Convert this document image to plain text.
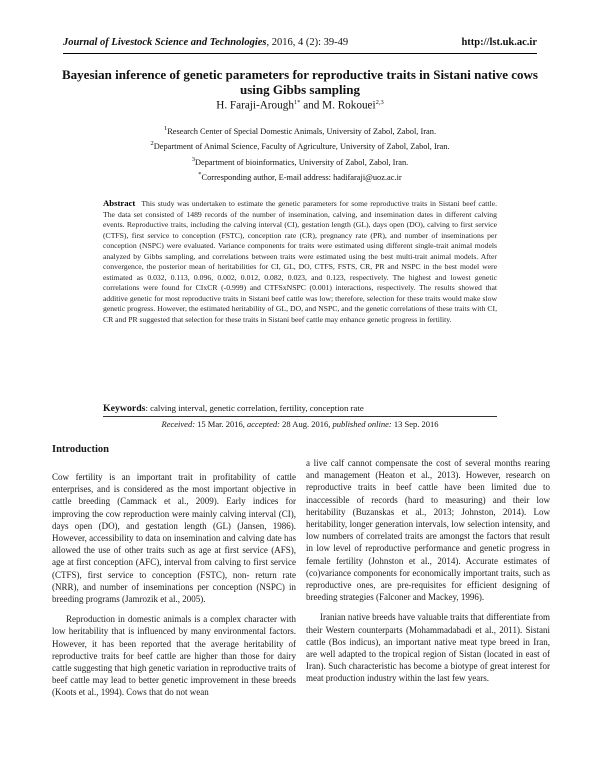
Journal of Livestock Science and Technologies, 2016, 4 (2): 39-49	http://lst.uk.ac.ir
Bayesian inference of genetic parameters for reproductive traits in Sistani native cows using Gibbs sampling
H. Faraji-Arough$^{1*}$ and M. Rokouei$^{2,3}$
$^1$Research Center of Special Domestic Animals, University of Zabol, Zabol, Iran.
$^2$Department of Animal Science, Faculty of Agriculture, University of Zabol, Zabol, Iran.
$^3$Department of bioinformatics, University of Zabol, Zabol, Iran.
*Corresponding author, E-mail address: hadifaraji@uoz.ac.ir
Abstract This study was undertaken to estimate the genetic parameters for some reproductive traits in Sistani beef cattle. The data set consisted of 1489 records of the number of insemination, calving, and insemination dates in different calving events. Reproductive traits, including the calving interval (CI), gestation length (GL), days open (DO), calving to first service (CTFS), first service to conception (FSTC), conception rate (CR), pregnancy rate (PR), and number of inseminations per conception (NSPC) were evaluated. Variance components for traits were estimated using different single-trait animal models analyzed by Gibbs sampling, and correlations between traits were estimated using the best multi-trait animal models. After convergence, the posterior mean of heritabilities for CI, GL, DO, CTFS, FSTS, CR, PR and NSPC in the best model were estimated as 0.032, 0.113, 0.096, 0.002, 0.012, 0.082, 0.023, and 0.123, respectively. The highest and lowest genetic correlations were found for CIxCR (-0.999) and CTFSxNSPC (0.001) interactions, respectively. The results showed that additive genetic for most reproductive traits in Sistani beef cattle was low; therefore, selection for these traits would make slow genetic progress. However, the estimated heritability of GL, DO, and NSPC, and the genetic correlations of these traits with CI, CR and PR suggested that selection for these traits in Sistani beef cattle may enhance genetic progress in fertility.
Keywords: calving interval, genetic correlation, fertility, conception rate
Received: 15 Mar. 2016, accepted: 28 Aug. 2016, published online: 13 Sep. 2016
Introduction

Cow fertility is an important trait in profitability of cattle enterprises, and is considered as the most important objective in cattle breeding (Cammack et al., 2009). Early indices for improving the cow reproduction were mainly calving interval (CI), days open (DO), and gestation length (GL) (Jansen, 1986). However, accessibility to data on insemination and calving date has allowed the use of other traits such as age at first service (AFS), age at first conception (AFC), interval from calving to first service (CTFS), first service to conception (FSTC), non- return rate (NRR), and number of inseminations per conception (NSPC) in breeding programs (Jamrozik et al., 2005).

Reproduction in domestic animals is a complex character with low heritability that is influenced by many environmental factors. However, it has been reported that the average heritability of reproductive traits for beef cattle are higher than those for dairy cattle suggesting that high genetic variation in reproductive traits of beef cattle may lead to better genetic improvement in these breeds (Koots et al., 1994). Cows that do not wean

a live calf cannot compensate the cost of several months rearing and management (Heaton et al., 2013). However, research on reproductive traits in beef cattle have been limited due to inaccessible of records (hard to measuring) and their low heritability (Buzanskas et al., 2013; Johnston, 2014). Low heritability, longer generation intervals, low selection intensity, and low numbers of correlated traits are amongst the factors that result in low level of reproductive performance and genetic progress in female fertility (Johnston et al., 2014). Accurate estimates of (co)variance components for economically important traits, such as reproductive ones, are pre-requisites for efficient designing of breeding strategies (Falconer and Mackey, 1996).

Iranian native breeds have valuable traits that differentiate from their Western counterparts (Mohammadabadi et al., 2011). Sistani cattle (Bos indicus), an important native meat type breed in Iran, are well adapted to the tropical region of Sistan (located in east of Iran). Such characteristic has become a biotype of great interest for meat production industry within the last few years.
